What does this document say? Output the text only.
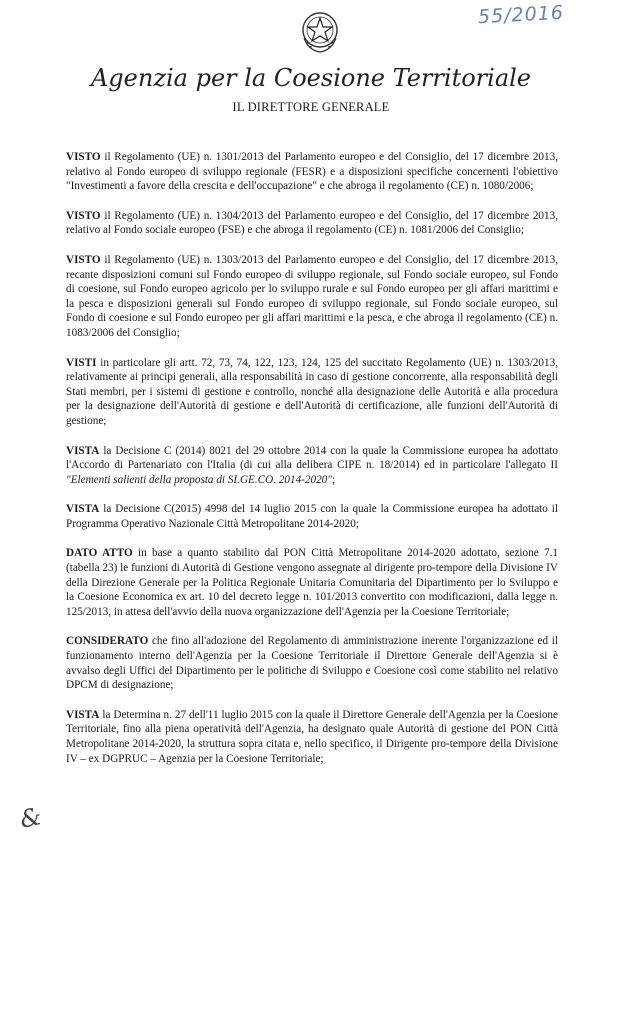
55/2016
Agenzia per la Coesione Territoriale
IL DIRETTORE GENERALE

VISTO il Regolamento (UE) n. 1301/2013 del Parlamento europeo e del Consiglio, del 17 dicembre 2013, relativo al Fondo europeo di sviluppo regionale (FESR) e a disposizioni specifiche concernenti l'obiettivo "Investimenti a favore della crescita e dell'occupazione" e che abroga il regolamento (CE) n. 1080/2006;

VISTO il Regolamento (UE) n. 1304/2013 del Parlamento europeo e del Consiglio, del 17 dicembre 2013, relativo al Fondo sociale europeo (FSE) e che abroga il regolamento (CE) n. 1081/2006 del Consiglio;

VISTO il Regolamento (UE) n. 1303/2013 del Parlamento europeo e del Consiglio, del 17 dicembre 2013, recante disposizioni comuni sul Fondo europeo di sviluppo regionale, sul Fondo sociale europeo, sul Fondo di coesione, sul Fondo europeo agricolo per lo sviluppo rurale e sul Fondo europeo per gli affari marittimi e la pesca e disposizioni generali sul Fondo europeo di sviluppo regionale, sul Fondo sociale europeo, sul Fondo di coesione e sul Fondo europeo per gli affari marittimi e la pesca, e che abroga il regolamento (CE) n. 1083/2006 del Consiglio;

VISTI in particolare gli artt. 72, 73, 74, 122, 123, 124, 125 del succitato Regolamento (UE) n. 1303/2013, relativamente ai principi generali, alla responsabilità in caso di gestione concorrente, alla responsabilità degli Stati membri, per i sistemi di gestione e controllo, nonché alla designazione delle Autorità e alla procedura per la designazione dell'Autorità di gestione e dell'Autorità di certificazione, alle funzioni dell'Autorità di gestione;

VISTA la Decisione C (2014) 8021 del 29 ottobre 2014 con la quale la Commissione europea ha adottato l'Accordo di Partenariato con l'Italia (di cui alla delibera CIPE n. 18/2014) ed in particolare l'allegato II "Elementi salienti della proposta di SI.GE.CO. 2014-2020";

VISTA la Decisione C(2015) 4998 del 14 luglio 2015 con la quale la Commissione europea ha adottato il Programma Operativo Nazionale Città Metropolitane 2014-2020;

DATO ATTO in base a quanto stabilito dal PON Città Metropolitane 2014-2020 adottato, sezione 7.1 (tabella 23) le funzioni di Autorità di Gestione vengono assegnate al dirigente pro-tempore della Divisione IV della Direzione Generale per la Politica Regionale Unitaria Comunitaria del Dipartimento per lo Sviluppo e la Coesione Economica ex art. 10 del decreto legge n. 101/2013 convertito con modificazioni, dalla legge n. 125/2013, in attesa dell'avvio della nuova organizzazione dell'Agenzia per la Coesione Territoriale;

CONSIDERATO che fino all'adozione del Regolamento di amministrazione inerente l'organizzazione ed il funzionamento interno dell'Agenzia per la Coesione Territoriale il Direttore Generale dell'Agenzia si è avvalso degli Uffici del Dipartimento per le politiche di Sviluppo e Coesione così come stabilito nel relativo DPCM di designazione;

VISTA la Determina n. 27 dell'11 luglio 2015 con la quale il Direttore Generale dell'Agenzia per la Coesione Territoriale, fino alla piena operatività dell'Agenzia, ha designato quale Autorità di gestione del PON Città Metropolitane 2014-2020, la struttura sopra citata e, nello specifico, il Dirigente pro-tempore della Divisione IV – ex DGPRUC – Agenzia per la Coesione Territoriale;

&
